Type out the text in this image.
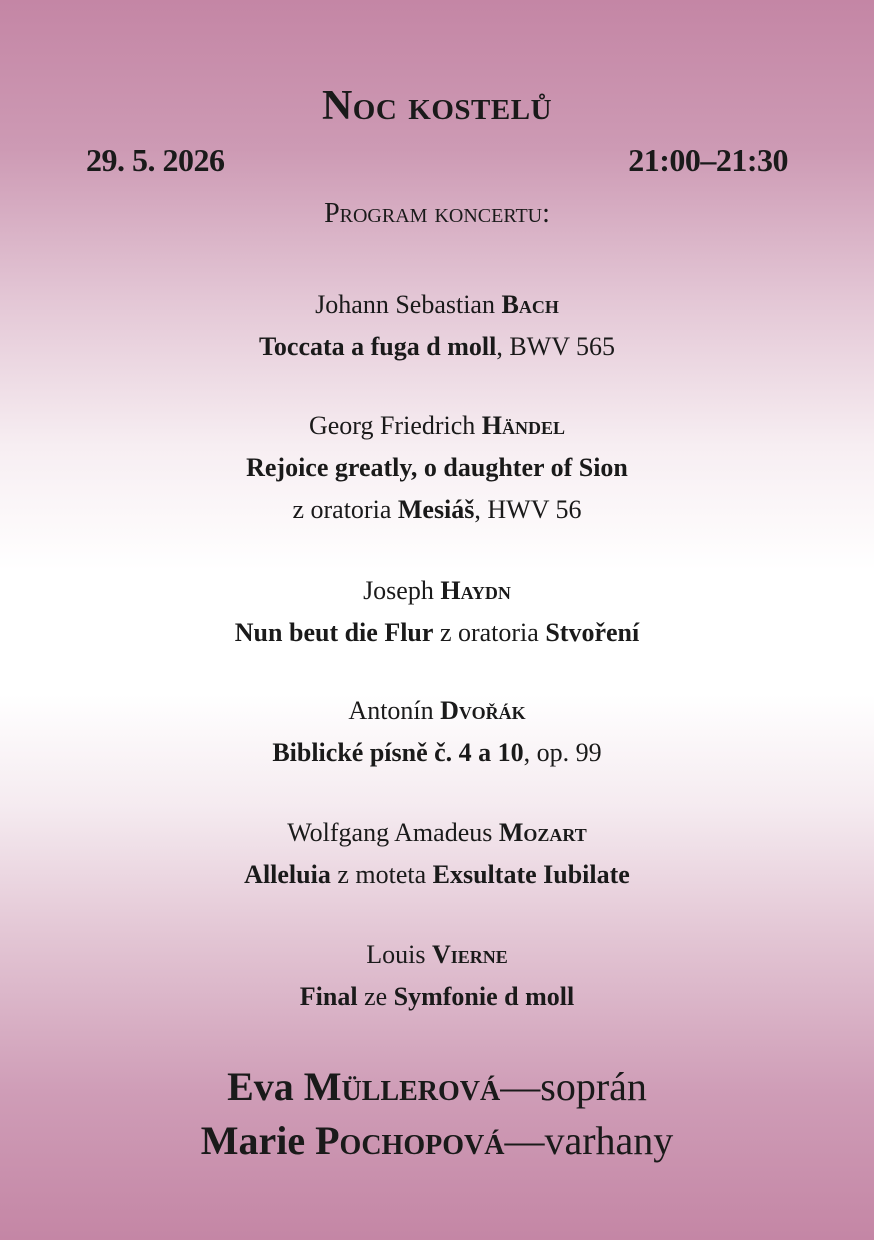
Noc kostelů
29. 5. 2026	21:00–21:30
Program koncertu:
Johann Sebastian Bach
Toccata a fuga d moll, BWV 565
Georg Friedrich Händel
Rejoice greatly, o daughter of Sion
z oratoria Mesiáš, HWV 56
Joseph Haydn
Nun beut die Flur z oratoria Stvoření
Antonín Dvořák
Biblické písně č. 4 a 10, op. 99
Wolfgang Amadeus Mozart
Alleluia z moteta Exsultate Iubilate
Louis Vierne
Final ze Symfonie d moll
Eva Müllerová—soprán
Marie Pochopová—varhany
